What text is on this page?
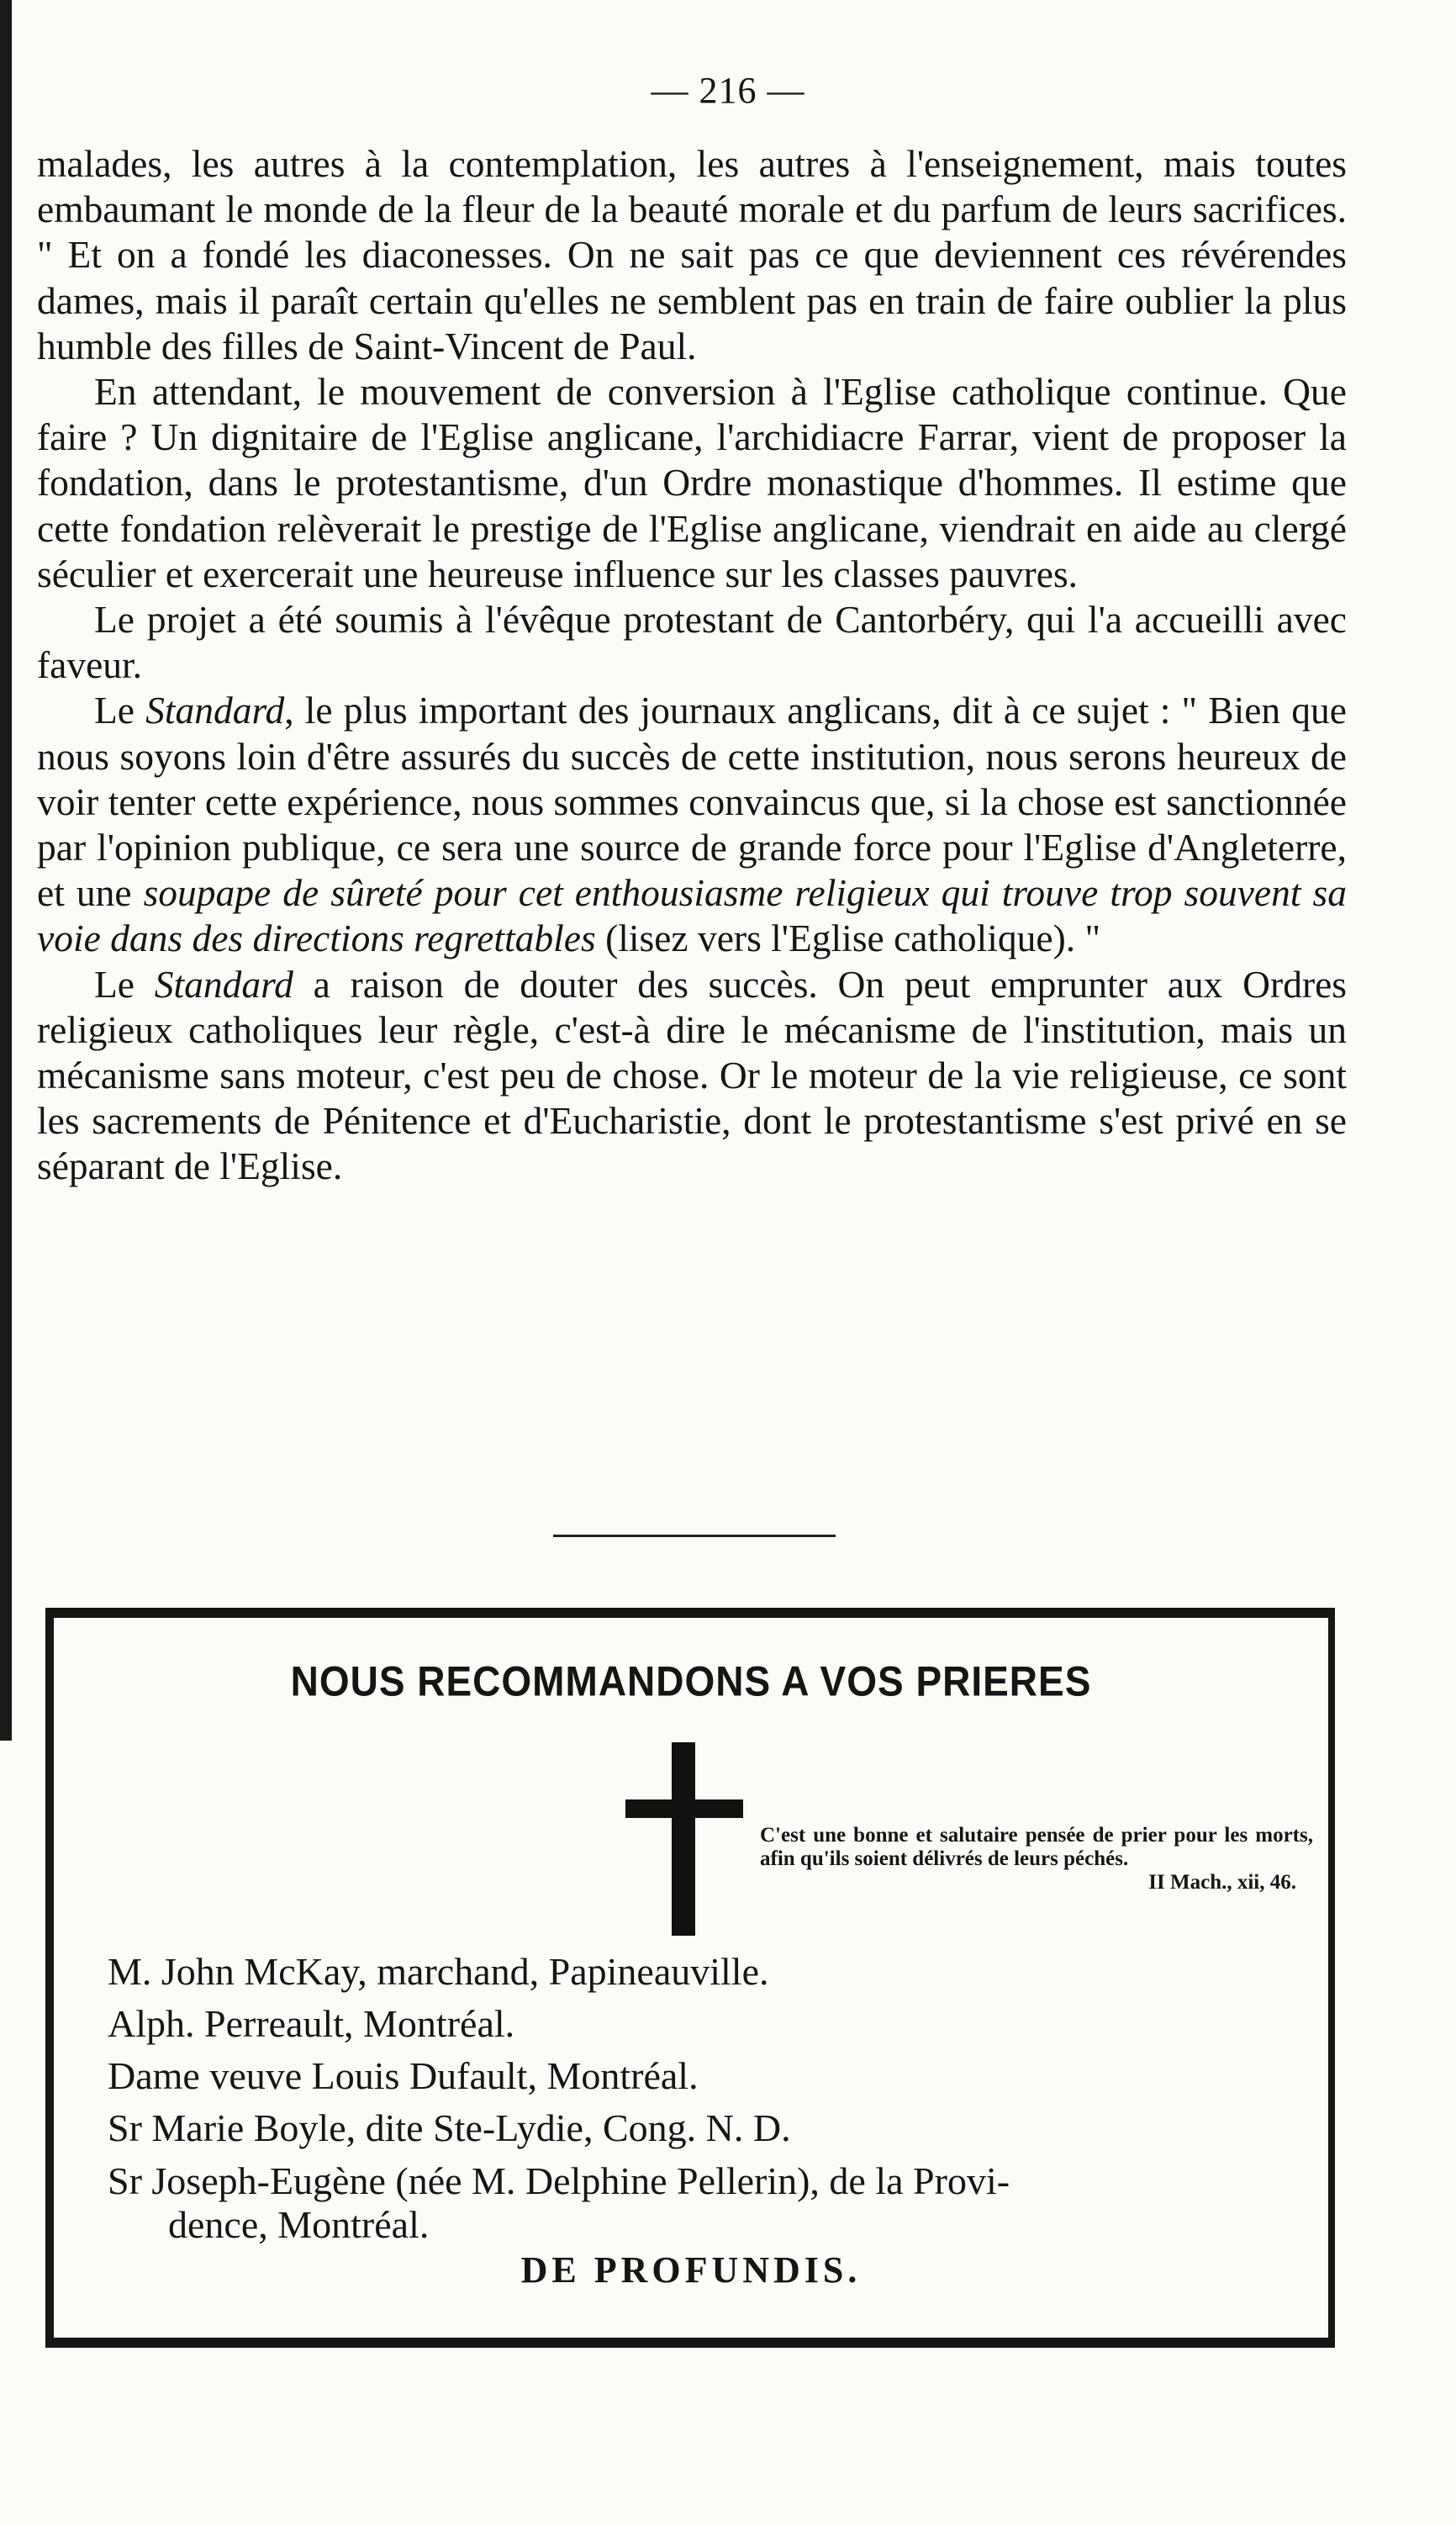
— 216 —

malades, les autres à la contemplation, les autres à l'enseignement, mais toutes embaumant le monde de la fleur de la beauté morale et du parfum de leurs sacrifices. " Et on a fondé les diaconesses. On ne sait pas ce que deviennent ces révérendes dames, mais il paraît certain qu'elles ne semblent pas en train de faire oublier la plus humble des filles de Saint-Vincent de Paul.

En attendant, le mouvement de conversion à l'Eglise catholique continue. Que faire ? Un dignitaire de l'Eglise anglicane, l'archidiacre Farrar, vient de proposer la fondation, dans le protestantisme, d'un Ordre monastique d'hommes. Il estime que cette fondation relèverait le prestige de l'Eglise anglicane, viendrait en aide au clergé séculier et exercerait une heureuse influence sur les classes pauvres.

Le projet a été soumis à l'évêque protestant de Cantorbéry, qui l'a accueilli avec faveur.

Le Standard, le plus important des journaux anglicans, dit à ce sujet : " Bien que nous soyons loin d'être assurés du succès de cette institution, nous serons heureux de voir tenter cette expérience, nous sommes convaincus que, si la chose est sanctionnée par l'opinion publique, ce sera une source de grande force pour l'Eglise d'Angleterre, et une soupape de sûreté pour cet enthousiasme religieux qui trouve trop souvent sa voie dans des directions regrettables (lisez vers l'Eglise catholique). "

Le Standard a raison de douter des succès. On peut emprunter aux Ordres religieux catholiques leur règle, c'est-à dire le mécanisme de l'institution, mais un mécanisme sans moteur, c'est peu de chose. Or le moteur de la vie religieuse, ce sont les sacrements de Pénitence et d'Eucharistie, dont le protestantisme s'est privé en se séparant de l'Eglise.

NOUS RECOMMANDONS A VOS PRIERES
C'est une bonne et salutaire pensée de prier pour les morts, afin qu'ils soient délivrés de leurs péchés.
II Mach., xii, 46.
M. John McKay, marchand, Papineauville.
Alph. Perreault, Montréal.
Dame veuve Louis Dufault, Montréal.
Sr Marie Boyle, dite Ste-Lydie, Cong. N. D.
Sr Joseph-Eugène (née M. Delphine Pellerin), de la Provi-
dence, Montréal.
DE PROFUNDIS.
